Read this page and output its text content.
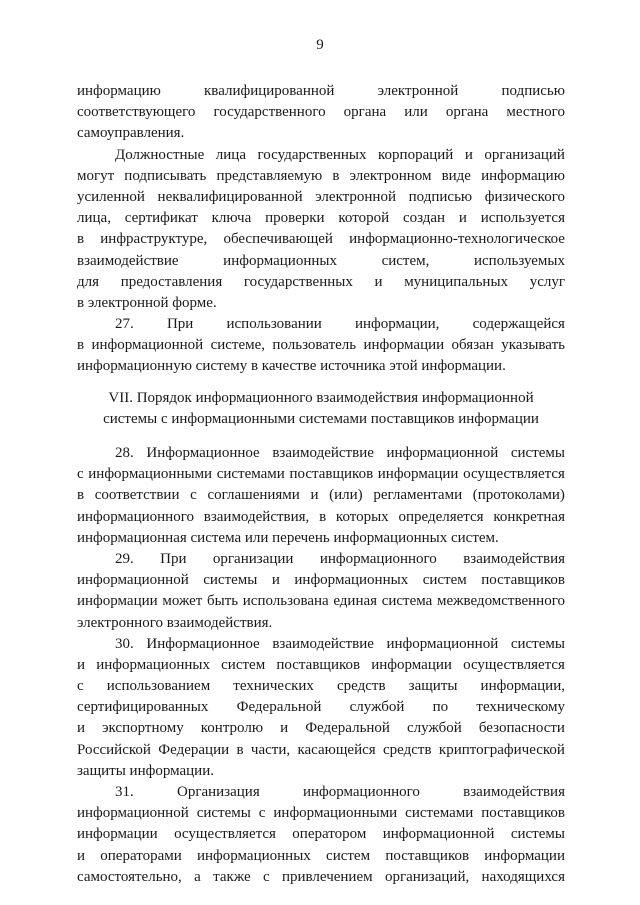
9
информацию	квалифицированной	электронной	подписью
соответствующего государственного органа или органа местного
самоуправления.
Должностные лица государственных корпораций и организаций
могут подписывать представляемую в электронном виде информацию
усиленной неквалифицированной электронной подписью физического
лица, сертификат ключа проверки которой создан и используется
в инфраструктуре, обеспечивающей информационно-технологическое
взаимодействие	информационных	систем,	используемых
для предоставления государственных и муниципальных услуг
в электронной форме.
27. При использовании информации, содержащейся
в информационной системе, пользователь информации обязан указывать
информационную систему в качестве источника этой информации.
VII. Порядок информационного взаимодействия информационной
системы с информационными системами поставщиков информации
28. Информационное взаимодействие информационной системы
с информационными системами поставщиков информации осуществляется
в соответствии с соглашениями и (или) регламентами (протоколами)
информационного взаимодействия, в которых определяется конкретная
информационная система или перечень информационных систем.
29. При организации информационного взаимодействия
информационной системы и информационных систем поставщиков
информации может быть использована единая система межведомственного
электронного взаимодействия.
30. Информационное взаимодействие информационной системы
и информационных систем поставщиков информации осуществляется
с использованием технических средств защиты информации,
сертифицированных Федеральной службой по техническому
и экспортному контролю и Федеральной службой безопасности
Российской Федерации в части, касающейся средств криптографической
защиты информации.
31.	Организация	информационного	взаимодействия
информационной системы с информационными системами поставщиков
информации осуществляется оператором информационной системы
и операторами информационных систем поставщиков информации
самостоятельно, а также с привлечением организаций, находящихся
